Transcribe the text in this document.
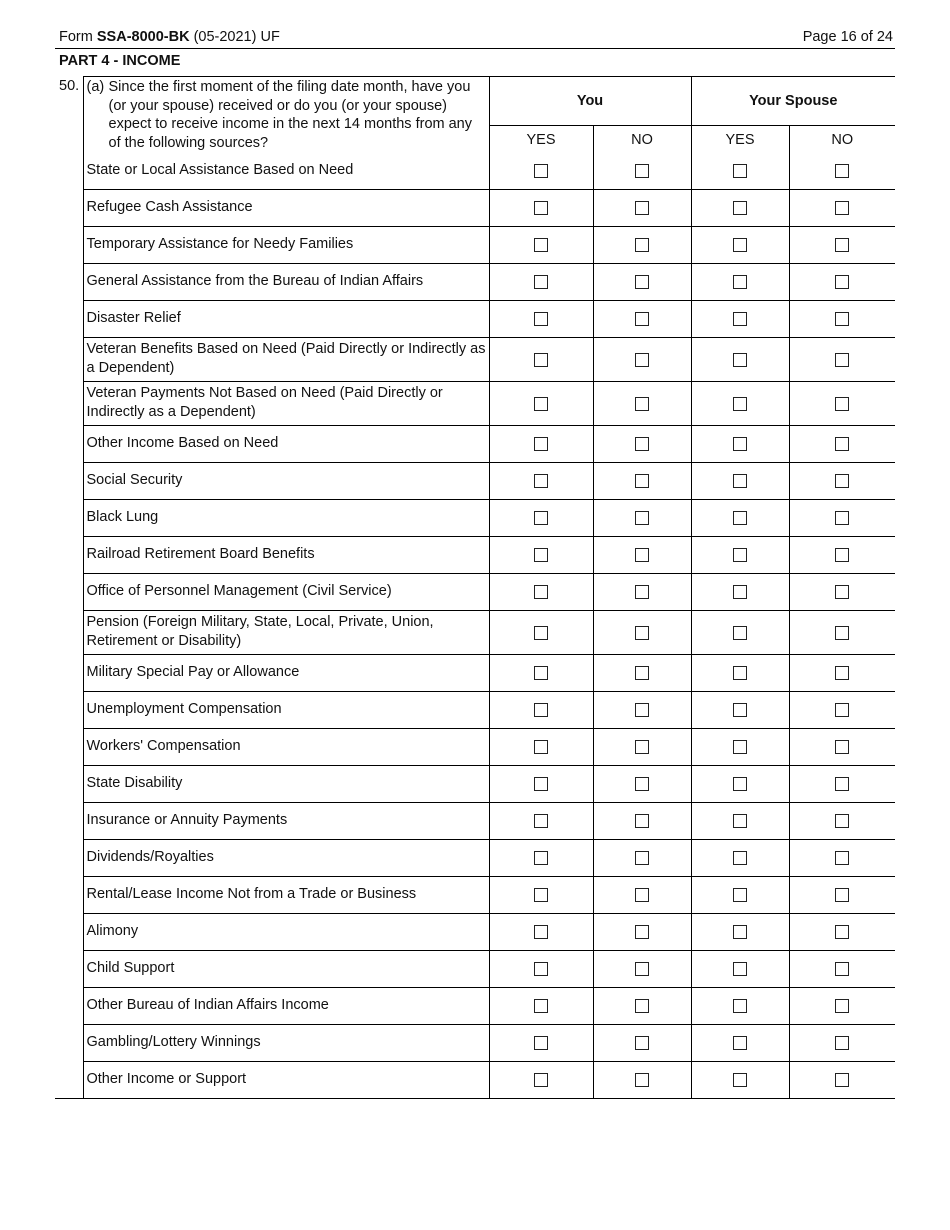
Form SSA-8000-BK (05-2021) UF	Page 16 of 24
PART 4 - INCOME
50.	(a) Since the first moment of the filing date month, have you (or your spouse) received or do you (or your spouse) expect to receive income in the next 14 months from any of the following sources?	You		Your Spouse	
		YES	NO	YES	NO
	State or Local Assistance Based on Need				
	Refugee Cash Assistance				
	Temporary Assistance for Needy Families				
	General Assistance from the Bureau of Indian Affairs				
	Disaster Relief				
	Veteran Benefits Based on Need (Paid Directly or Indirectly as a Dependent)				
	Veteran Payments Not Based on Need (Paid Directly or Indirectly as a Dependent)				
	Other Income Based on Need				
	Social Security				
	Black Lung				
	Railroad Retirement Board Benefits				
	Office of Personnel Management (Civil Service)				
	Pension (Foreign Military, State, Local, Private, Union, Retirement or Disability)				
	Military Special Pay or Allowance				
	Unemployment Compensation				
	Workers' Compensation				
	State Disability				
	Insurance or Annuity Payments				
	Dividends/Royalties				
	Rental/Lease Income Not from a Trade or Business				
	Alimony				
	Child Support				
	Other Bureau of Indian Affairs Income				
	Gambling/Lottery Winnings				
	Other Income or Support				
